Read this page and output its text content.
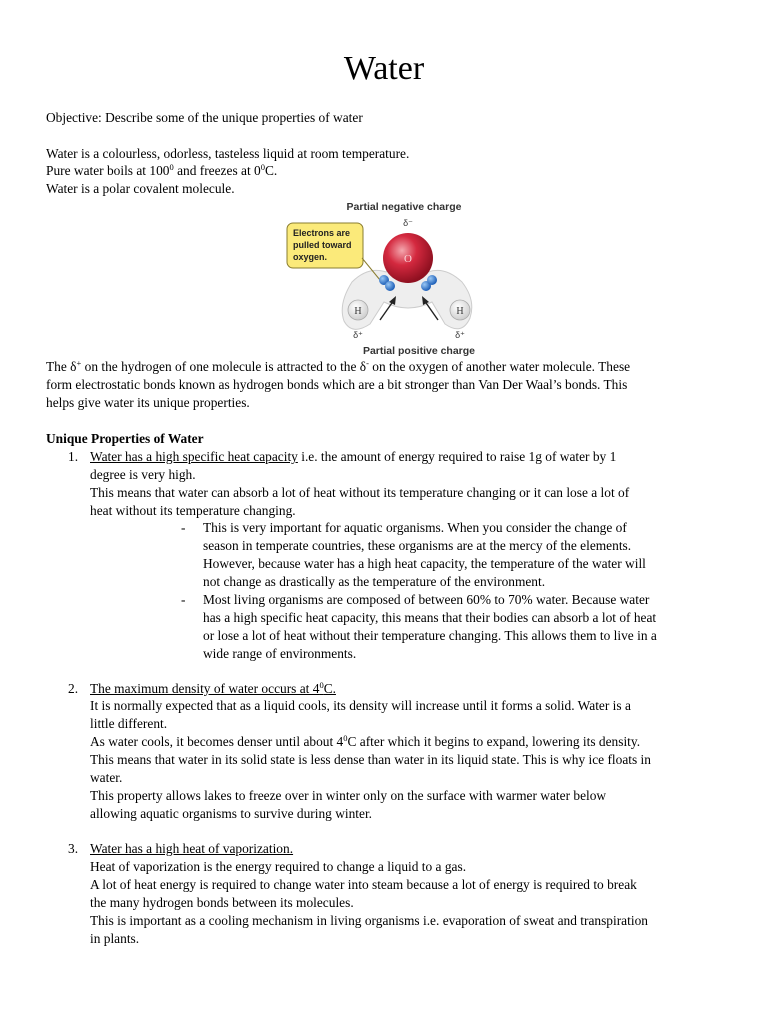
Water
Objective: Describe some of the unique properties of water
Water is a colourless, odorless, tasteless liquid at room temperature.
Pure water boils at $100^0$ and freezes at $0^0C$.
Water is a polar covalent molecule.
Partial negative charge
δ⁻
Electrons are
pulled toward
oxygen.	O
H	H
δ⁺	δ⁺
Partial positive charge
The δ+ on the hydrogen of one molecule is attracted to the δ- on the oxygen of another water molecule. These
form electrostatic bonds known as hydrogen bonds which are a bit stronger than Van Der Waal’s bonds. This
helps give water its unique properties.
Unique Properties of Water
1. Water has a high specific heat capacity i.e. the amount of energy required to raise 1g of water by 1
degree is very high.
This means that water can absorb a lot of heat without its temperature changing or it can lose a lot of
heat without its temperature changing.
- This is very important for aquatic organisms. When you consider the change of
season in temperate countries, these organisms are at the mercy of the elements.
However, because water has a high heat capacity, the temperature of the water will
not change as drastically as the temperature of the environment.
- Most living organisms are composed of between 60% to 70% water. Because water
has a high specific heat capacity, this means that their bodies can absorb a lot of heat
or lose a lot of heat without their temperature changing. This allows them to live in a
wide range of environments.
2. The maximum density of water occurs at $4^0C$.
It is normally expected that as a liquid cools, its density will increase until it forms a solid. Water is a
little different.
As water cools, it becomes denser until about $4^0C$ after which it begins to expand, lowering its density.
This means that water in its solid state is less dense than water in its liquid state. This is why ice floats in
water.
This property allows lakes to freeze over in winter only on the surface with warmer water below
allowing aquatic organisms to survive during winter.
3. Water has a high heat of vaporization.
Heat of vaporization is the energy required to change a liquid to a gas.
A lot of heat energy is required to change water into steam because a lot of energy is required to break
the many hydrogen bonds between its molecules.
This is important as a cooling mechanism in living organisms i.e. evaporation of sweat and transpiration
in plants.
